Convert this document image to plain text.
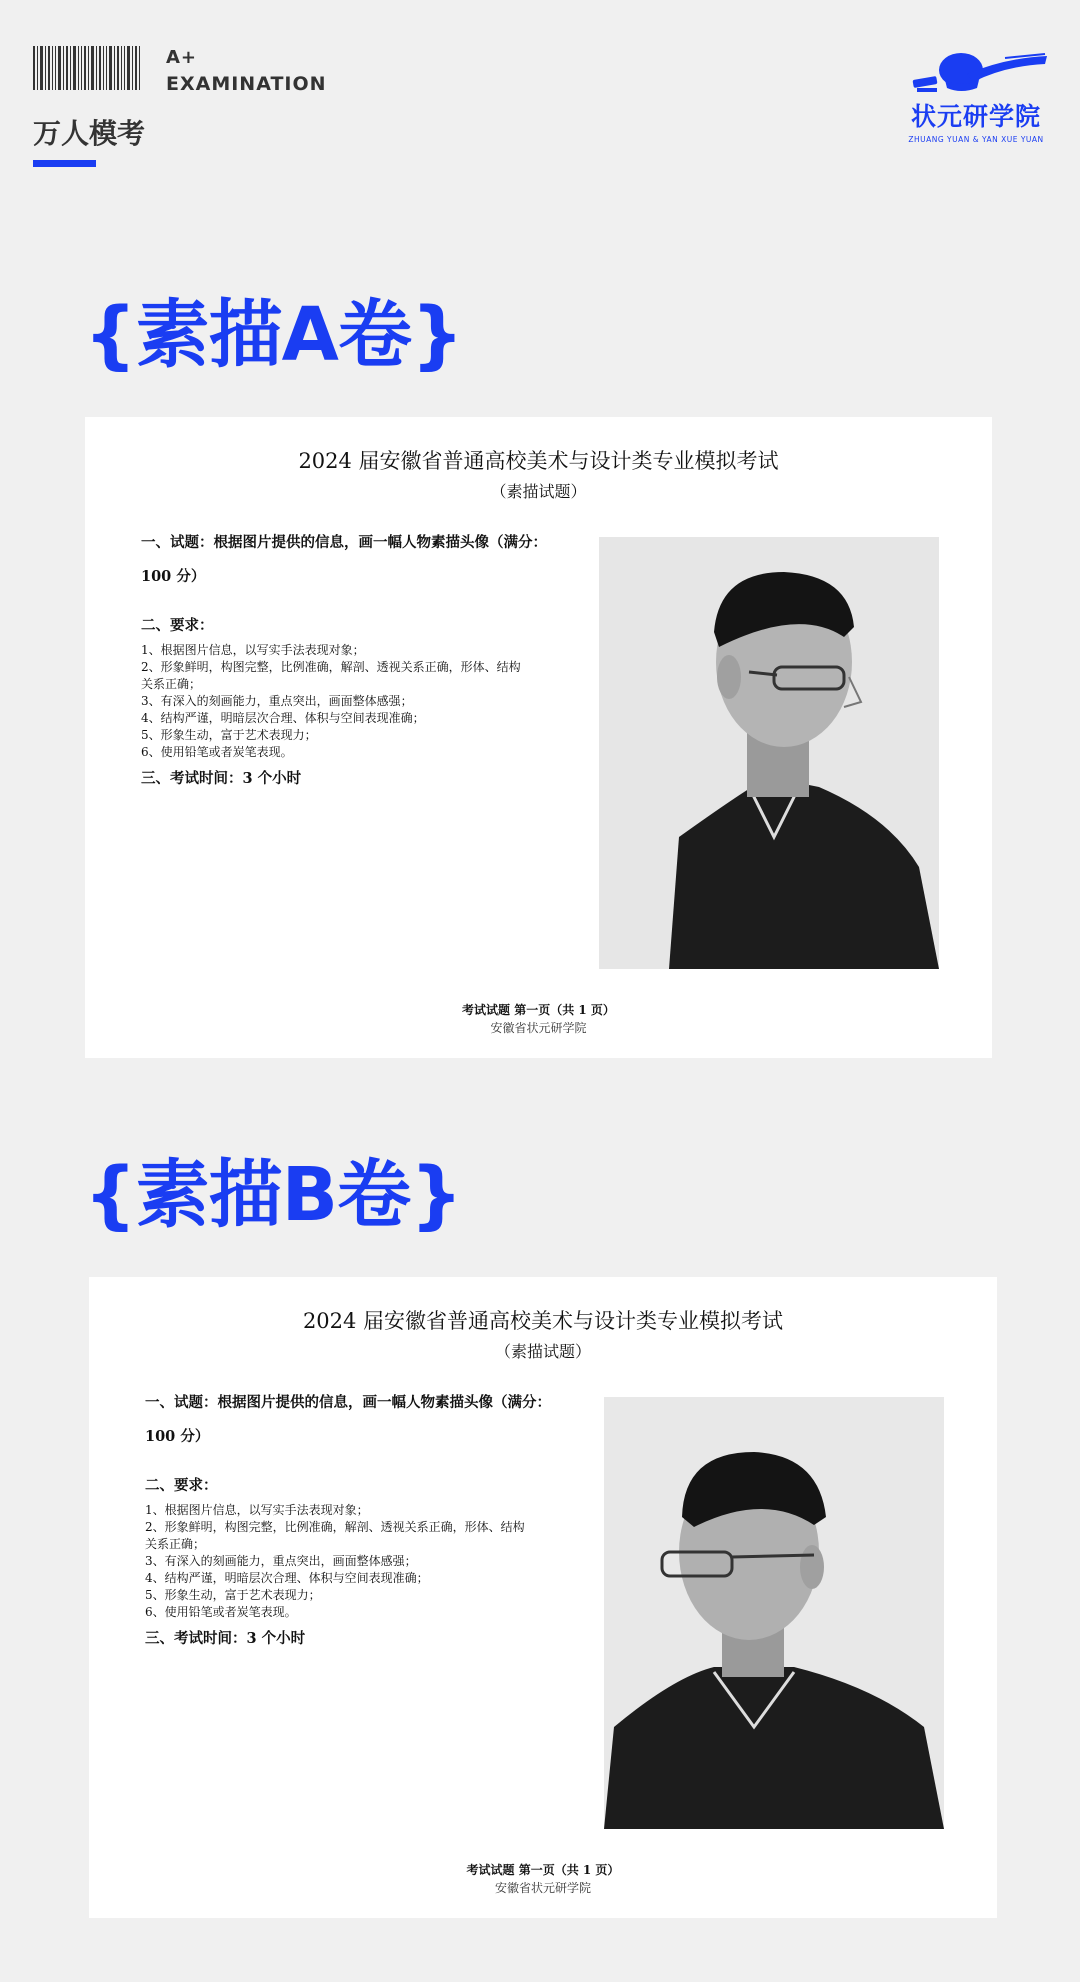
A+
EXAMINATION
万人模考
状元研学院
ZHUANG YUAN & YAN XUE YUAN
{素描A卷}
2024 届安徽省普通高校美术与设计类专业模拟考试
（素描试题）
一、试题：根据图片提供的信息，画一幅人物素描头像（满分：
100 分）
二、要求：
1、根据图片信息，以写实手法表现对象；
2、形象鲜明，构图完整，比例准确，解剖、透视关系正确，形体、结构
关系正确；
3、有深入的刻画能力，重点突出，画面整体感强；
4、结构严谨，明暗层次合理、体积与空间表现准确；
5、形象生动，富于艺术表现力；
6、使用铅笔或者炭笔表现。
三、考试时间：3 个小时
考试试题 第一页（共 1 页）
安徽省状元研学院
{素描B卷}
2024 届安徽省普通高校美术与设计类专业模拟考试
（素描试题）
一、试题：根据图片提供的信息，画一幅人物素描头像（满分：
100 分）
二、要求：
1、根据图片信息，以写实手法表现对象；
2、形象鲜明，构图完整，比例准确，解剖、透视关系正确，形体、结构
关系正确；
3、有深入的刻画能力，重点突出，画面整体感强；
4、结构严谨，明暗层次合理、体积与空间表现准确；
5、形象生动，富于艺术表现力；
6、使用铅笔或者炭笔表现。
三、考试时间：3 个小时
考试试题 第一页（共 1 页）
安徽省状元研学院
